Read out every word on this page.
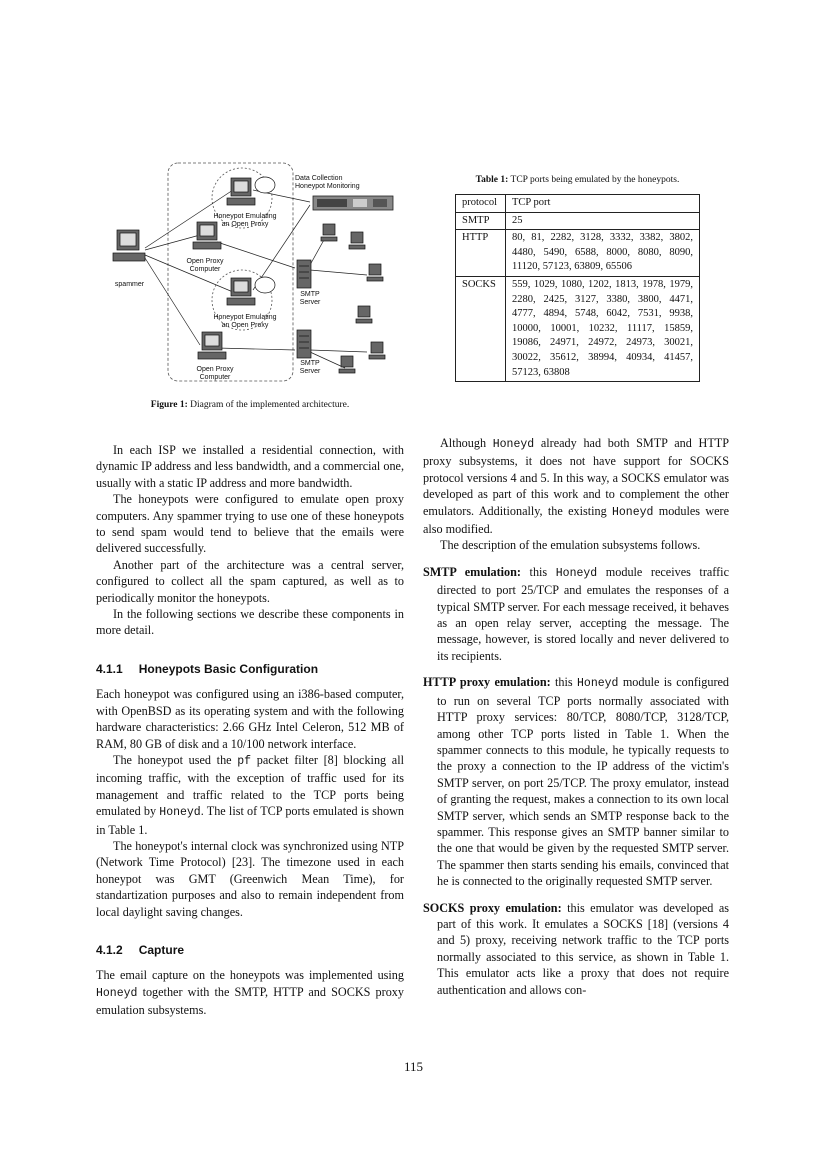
Data Collection
Honeypot Monitoring
Honeypot Emulating
an Open Proxy
Open Proxy
Computer
spammer
SMTP Server
Honeypot Emulating
an Open Proxy
Open Proxy
Computer
SMTP Server
Figure 1: Diagram of the implemented architecture.
Table 1: TCP ports being emulated by the honeypots.
protocol	TCP port
SMTP	25
HTTP	80, 81, 2282, 3128, 3332, 3382, 3802, 4480, 5490, 6588, 8000, 8080, 8090, 11120, 57123, 63809, 65506
SOCKS	559, 1029, 1080, 1202, 1813, 1978, 1979, 2280, 2425, 3127, 3380, 3800, 4471, 4777, 4894, 5748, 6042, 7531, 9938, 10000, 10001, 10232, 11117, 15859, 19086, 24971, 24972, 24973, 30021, 30022, 35612, 38994, 40934, 41457, 57123, 63808

In each ISP we installed a residential connection, with dynamic IP address and less bandwidth, and a commercial one, usually with a static IP address and more bandwidth.

The honeypots were configured to emulate open proxy computers. Any spammer trying to use one of these honeypots to send spam would tend to believe that the emails were delivered successfully.

Another part of the architecture was a central server, configured to collect all the spam captured, as well as to periodically monitor the honeypots.

In the following sections we describe these components in more detail.

4.1.1 Honeypots Basic Configuration

Each honeypot was configured using an i386-based computer, with OpenBSD as its operating system and with the following hardware characteristics: 2.66 GHz Intel Celeron, 512 MB of RAM, 80 GB of disk and a 10/100 network interface.

The honeypot used the pf packet filter [8] blocking all incoming traffic, with the exception of traffic used for its management and traffic related to the TCP ports being emulated by Honeyd. The list of TCP ports emulated is shown in Table 1.

The honeypot's internal clock was synchronized using NTP (Network Time Protocol) [23]. The timezone used in each honeypot was GMT (Greenwich Mean Time), for standartization purposes and also to remain independent from local daylight saving changes.

4.1.2 Capture

The email capture on the honeypots was implemented using Honeyd together with the SMTP, HTTP and SOCKS proxy emulation subsystems.

Although Honeyd already had both SMTP and HTTP proxy subsystems, it does not have support for SOCKS protocol versions 4 and 5. In this way, a SOCKS emulator was developed as part of this work and to complement the other emulators. Additionally, the existing Honeyd modules were also modified.

The description of the emulation subsystems follows.

SMTP emulation: this Honeyd module receives traffic directed to port 25/TCP and emulates the responses of a typical SMTP server. For each message received, it behaves as an open relay server, accepting the message. The message, however, is stored locally and never delivered to its recipients.

HTTP proxy emulation: this Honeyd module is configured to run on several TCP ports normally associated with HTTP proxy services: 80/TCP, 8080/TCP, 3128/TCP, among other TCP ports listed in Table 1. When the spammer connects to this module, he typically requests to the proxy a connection to the IP address of the victim's SMTP server, on port 25/TCP. The proxy emulator, instead of granting the request, makes a connection to its own local SMTP server, which sends an SMTP response back to the spammer. This response gives an SMTP banner similar to the one that would be given by the requested SMTP server. The spammer then starts sending his emails, convinced that he is connected to the originally requested SMTP server.

SOCKS proxy emulation: this emulator was developed as part of this work. It emulates a SOCKS [18] (versions 4 and 5) proxy, receiving network traffic to the TCP ports normally associated to this service, as shown in Table 1. This emulator acts like a proxy that does not require authentication and allows con-

115
